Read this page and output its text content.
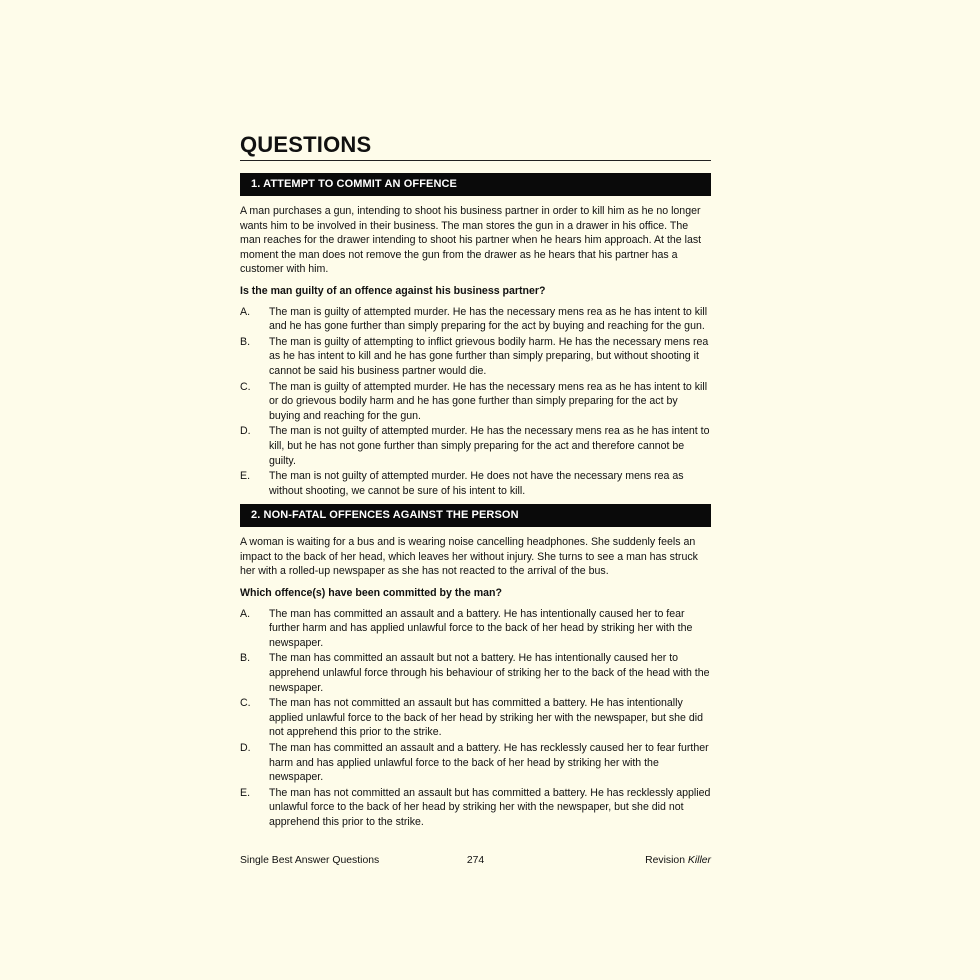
QUESTIONS
1. ATTEMPT TO COMMIT AN OFFENCE

A man purchases a gun, intending to shoot his business partner in order to kill him as he no longer wants him to be involved in their business. The man stores the gun in a drawer in his office. The man reaches for the drawer intending to shoot his partner when he hears him approach. At the last moment the man does not remove the gun from the drawer as he hears that his partner has a customer with him.

Is the man guilty of an offence against his business partner?

A.	The man is guilty of attempted murder. He has the necessary mens rea as he has intent to kill and he has gone further than simply preparing for the act by buying and reaching for the gun.
B.	The man is guilty of attempting to inflict grievous bodily harm. He has the necessary mens rea as he has intent to kill and he has gone further than simply preparing, but without shooting it cannot be said his business partner would die.
C.	The man is guilty of attempted murder. He has the necessary mens rea as he has intent to kill or do grievous bodily harm and he has gone further than simply preparing for the act by buying and reaching for the gun.
D.	The man is not guilty of attempted murder. He has the necessary mens rea as he has intent to kill, but he has not gone further than simply preparing for the act and therefore cannot be guilty.
E.	The man is not guilty of attempted murder. He does not have the necessary mens rea as without shooting, we cannot be sure of his intent to kill.
2. NON-FATAL OFFENCES AGAINST THE PERSON

A woman is waiting for a bus and is wearing noise cancelling headphones. She suddenly feels an impact to the back of her head, which leaves her without injury. She turns to see a man has struck her with a rolled-up newspaper as she has not reacted to the arrival of the bus.

Which offence(s) have been committed by the man?

A.	The man has committed an assault and a battery. He has intentionally caused her to fear further harm and has applied unlawful force to the back of her head by striking her with the newspaper.
B.	The man has committed an assault but not a battery. He has intentionally caused her to apprehend unlawful force through his behaviour of striking her to the back of the head with the newspaper.
C.	The man has not committed an assault but has committed a battery. He has intentionally applied unlawful force to the back of her head by striking her with the newspaper, but she did not apprehend this prior to the strike.
D.	The man has committed an assault and a battery. He has recklessly caused her to fear further harm and has applied unlawful force to the back of her head by striking her with the newspaper.
E.	The man has not committed an assault but has committed a battery. He has recklessly applied unlawful force to the back of her head by striking her with the newspaper, but she did not apprehend this prior to the strike.
Single Best Answer Questions	274	Revision Killer
